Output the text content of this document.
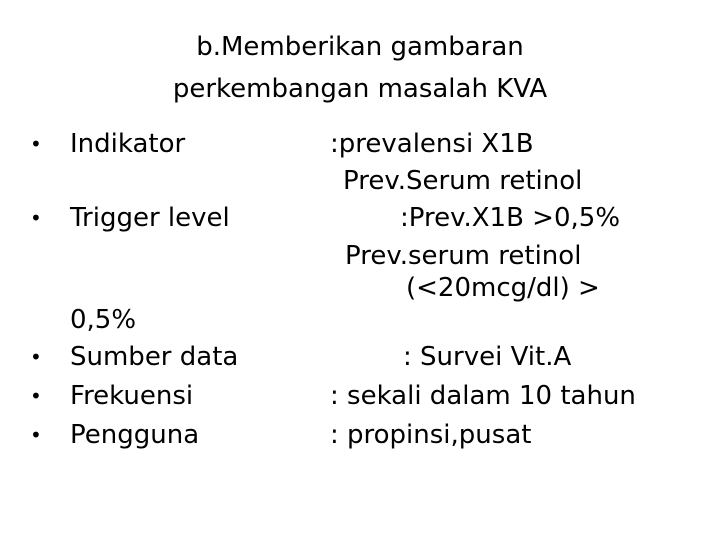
b.Memberikan gambaran
perkembangan masalah KVA
• Indikator
• Trigger level
0,5%
• Sumber data
• Frekuensi
• Pengguna
:prevalensi X1B
Prev.Serum retinol
:Prev.X1B >0,5%
Prev.serum retinol
(<20mcg/dl) >
: Survei Vit.A
: sekali dalam 10 tahun
: propinsi,pusat
